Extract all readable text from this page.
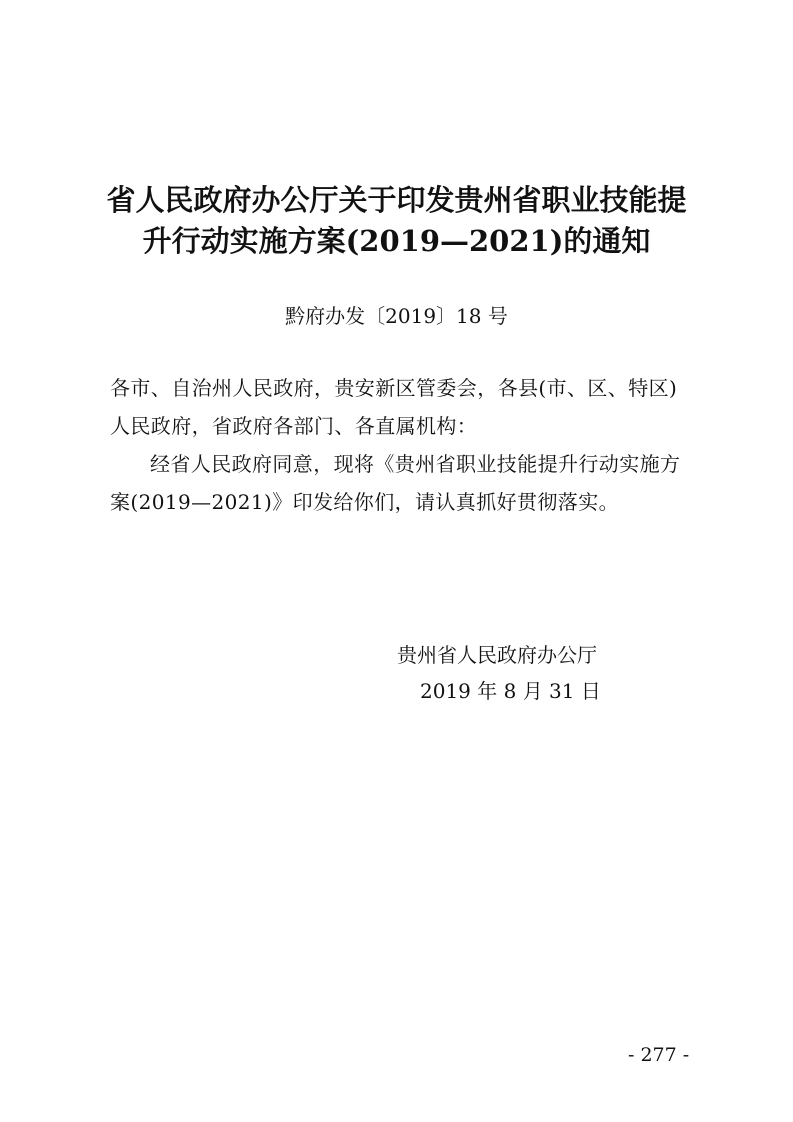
省人民政府办公厅关于印发贵州省职业技能提
升行动实施方案(2019—2021)的通知
黔府办发〔2019〕18 号
各市、自治州人民政府，贵安新区管委会，各县(市、区、特区)
人民政府，省政府各部门、各直属机构：
经省人民政府同意，现将《贵州省职业技能提升行动实施方
案(2019—2021)》印发给你们，请认真抓好贯彻落实。
贵州省人民政府办公厅
2019 年 8 月 31 日
- 277 -
